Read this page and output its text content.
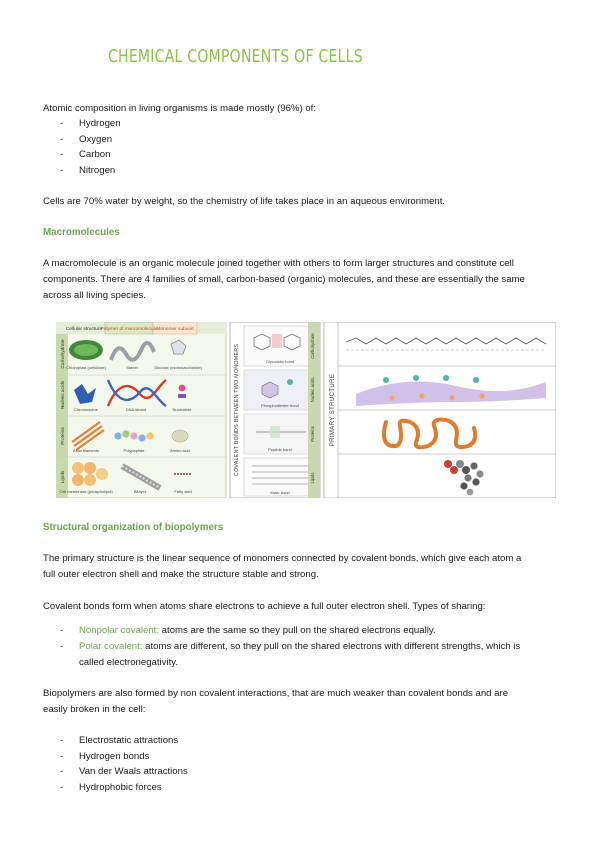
CHEMICAL COMPONENTS OF CELLS

Atomic composition in living organisms is made mostly (96%) of:

- Hydrogen
- Oxygen
- Carbon
- Nitrogen

Cells are 70% water by weight, so the chemistry of life takes place in an aqueous environment.

Macromolecules

A macromolecule is an organic molecule joined together with others to form larger structures and constitute cell

components. There are 4 families of small, carbon-based (organic) molecules, and these are essentially the same

across all living species.

Cellular structure
Polymer of macromolecule Monomer subunit
Carbohydrate
Nucleic acids
Proteins
Lipids
Chloroplast (cellulose)	Starch	Glucose (monosaccharide)
Chromosome	DNA strand	Nucleotide
Actin filaments	Polypeptide	Amino acid
Cell membrane (phospholipid)	Bilayer	Fatty acid
COVALENT BONDS BETWEEN TWO MONOMERS	Glycosidic bond
Phosphodiester bond
Peptide bond
Ester bond
Carbohydrate
Nucleic acids
Proteins
Lipids
PRIMARY STRUCTURE
Structural organization of biopolymers

The primary structure is the linear sequence of monomers connected by covalent bonds, which give each atom a

full outer electron shell and make the structure stable and strong.

Covalent bonds form when atoms share electrons to achieve a full outer electron shell. Types of sharing:

- Nonpolar covalent: atoms are the same so they pull on the shared electrons equally.
- Polar covalent: atoms are different, so they pull on the shared electrons with different strengths, which is
called electronegativity.

Biopolymers are also formed by non covalent interactions, that are much weaker than covalent bonds and are

easily broken in the cell:

- Electrostatic attractions
- Hydrogen bonds
- Van der Waals attractions
- Hydrophobic forces
